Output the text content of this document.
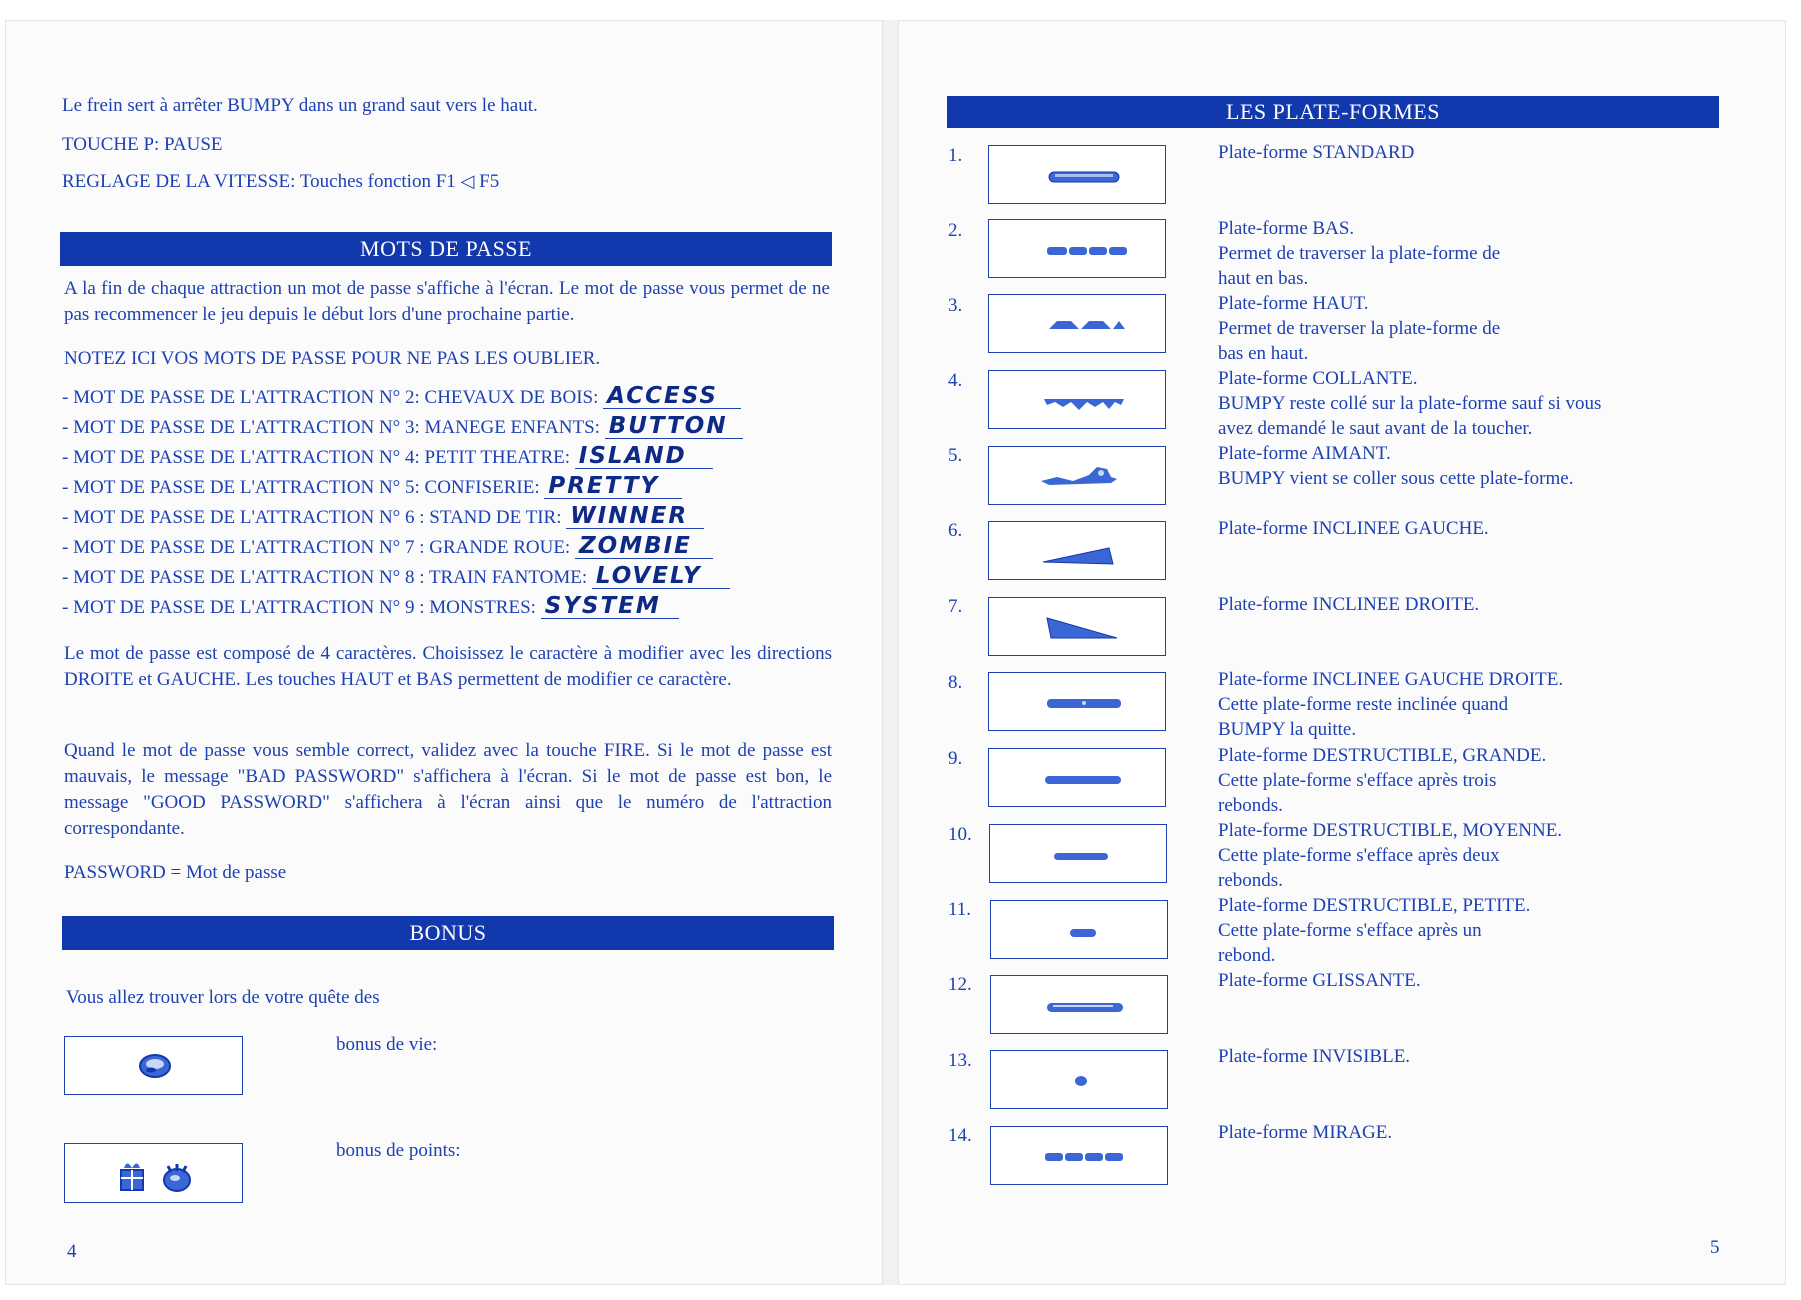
Le frein sert à arrêter BUMPY dans un grand saut vers le haut.
TOUCHE P: PAUSE
REGLAGE DE LA VITESSE: Touches fonction F1 ◁ F5
MOTS DE PASSE
A la fin de chaque attraction un mot de passe s'affiche à l'écran. Le mot de passe vous permet de ne pas recommencer le jeu depuis le début lors d'une prochaine partie.
NOTEZ ICI VOS MOTS DE PASSE POUR NE PAS LES OUBLIER.
- MOT DE PASSE DE L'ATTRACTION N° 2: CHEVAUX DE BOIS: ACCESS
- MOT DE PASSE DE L'ATTRACTION N° 3: MANEGE ENFANTS: BUTTON
- MOT DE PASSE DE L'ATTRACTION N° 4: PETIT THEATRE: ISLAND
- MOT DE PASSE DE L'ATTRACTION N° 5: CONFISERIE: PRETTY
- MOT DE PASSE DE L'ATTRACTION N° 6 : STAND DE TIR: WINNER
- MOT DE PASSE DE L'ATTRACTION N° 7 : GRANDE ROUE: ZOMBIE
- MOT DE PASSE DE L'ATTRACTION N° 8 : TRAIN FANTOME: LOVELY
- MOT DE PASSE DE L'ATTRACTION N° 9 : MONSTRES: SYSTEM
Le mot de passe est composé de 4 caractères. Choisissez le caractère à modifier avec les directions DROITE et GAUCHE. Les touches HAUT et BAS permettent de modifier ce caractère.
Quand le mot de passe vous semble correct, validez avec la touche FIRE. Si le mot de passe est mauvais, le message "BAD PASSWORD" s'affichera à l'écran. Si le mot de passe est bon, le message "GOOD PASSWORD" s'affichera à l'écran ainsi que le numéro de l'attraction correspondante.
PASSWORD = Mot de passe
BONUS
Vous allez trouver lors de votre quête des
bonus de vie:
bonus de points:
4
LES PLATE-FORMES
1.	Plate-forme STANDARD
2.	Plate-forme BAS.
Permet de traverser la plate-forme de
haut en bas.
3.	Plate-forme HAUT.
Permet de traverser la plate-forme de
bas en haut.
4.	Plate-forme COLLANTE.
BUMPY reste collé sur la plate-forme sauf si vous
avez demandé le saut avant de la toucher.
5.	Plate-forme AIMANT.
BUMPY vient se coller sous cette plate-forme.
6.	Plate-forme INCLINEE GAUCHE.
7.	Plate-forme INCLINEE DROITE.
8.	Plate-forme INCLINEE GAUCHE DROITE.
Cette plate-forme reste inclinée quand
BUMPY la quitte.
9.	Plate-forme DESTRUCTIBLE, GRANDE.
Cette plate-forme s'efface après trois
rebonds.
10.	Plate-forme DESTRUCTIBLE, MOYENNE.
Cette plate-forme s'efface après deux
rebonds.
11.	Plate-forme DESTRUCTIBLE, PETITE.
Cette plate-forme s'efface après un
rebond.
12.	Plate-forme GLISSANTE.
13.	Plate-forme INVISIBLE.
14.	Plate-forme MIRAGE.
5
